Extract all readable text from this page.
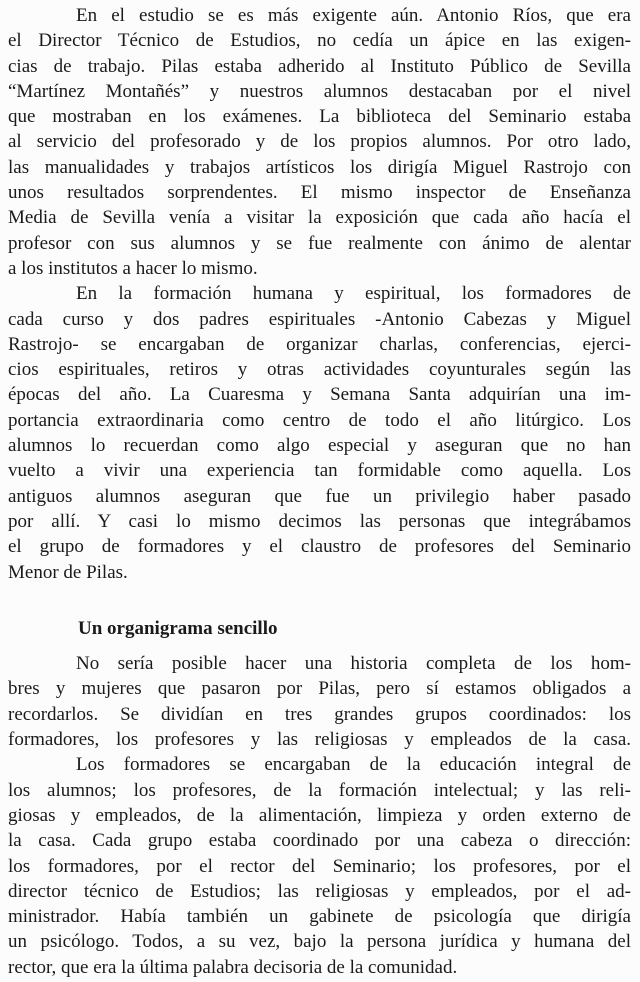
En el estudio se es más exigente aún. Antonio Ríos, que era
el Director Técnico de Estudios, no cedía un ápice en las exigen-
cias de trabajo. Pilas estaba adherido al Instituto Público de Sevilla
“Martínez Montañés” y nuestros alumnos destacaban por el nivel
que mostraban en los exámenes. La biblioteca del Seminario estaba
al servicio del profesorado y de los propios alumnos. Por otro lado,
las manualidades y trabajos artísticos los dirigía Miguel Rastrojo con
unos resultados sorprendentes. El mismo inspector de Enseñanza
Media de Sevilla venía a visitar la exposición que cada año hacía el
profesor con sus alumnos y se fue realmente con ánimo de alentar
a los institutos a hacer lo mismo.
En la formación humana y espiritual, los formadores de
cada curso y dos padres espirituales -Antonio Cabezas y Miguel
Rastrojo- se encargaban de organizar charlas, conferencias, ejerci-
cios espirituales, retiros y otras actividades coyunturales según las
épocas del año. La Cuaresma y Semana Santa adquirían una im-
portancia extraordinaria como centro de todo el año litúrgico. Los
alumnos lo recuerdan como algo especial y aseguran que no han
vuelto a vivir una experiencia tan formidable como aquella. Los
antiguos alumnos aseguran que fue un privilegio haber pasado
por allí. Y casi lo mismo decimos las personas que integrábamos
el grupo de formadores y el claustro de profesores del Seminario
Menor de Pilas.
Un organigrama sencillo
No sería posible hacer una historia completa de los hom-
bres y mujeres que pasaron por Pilas, pero sí estamos obligados a
recordarlos. Se dividían en tres grandes grupos coordinados: los
formadores, los profesores y las religiosas y empleados de la casa.
Los formadores se encargaban de la educación integral de
los alumnos; los profesores, de la formación intelectual; y las reli-
giosas y empleados, de la alimentación, limpieza y orden externo de
la casa. Cada grupo estaba coordinado por una cabeza o dirección:
los formadores, por el rector del Seminario; los profesores, por el
director técnico de Estudios; las religiosas y empleados, por el ad-
ministrador. Había también un gabinete de psicología que dirigía
un psicólogo. Todos, a su vez, bajo la persona jurídica y humana del
rector, que era la última palabra decisoria de la comunidad.
